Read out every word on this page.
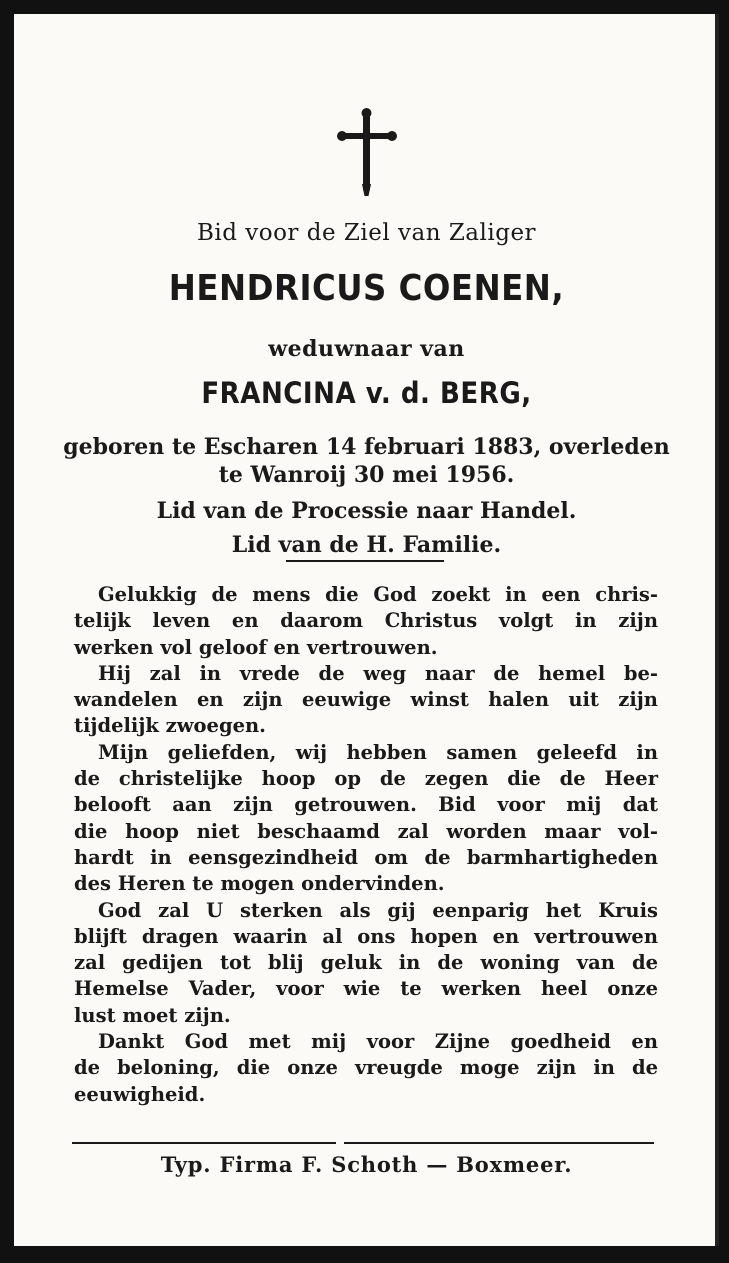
Bid voor de Ziel van Zaliger
HENDRICUS COENEN,
weduwnaar van
FRANCINA v. d. BERG,
geboren te Escharen 14 februari 1883, overleden
te Wanroij 30 mei 1956.
Lid van de Processie naar Handel.
Lid van de H. Familie.
Gelukkig de mens die God zoekt in een chris-
telijk leven en daarom Christus volgt in zijn
werken vol geloof en vertrouwen.
Hij zal in vrede de weg naar de hemel be-
wandelen en zijn eeuwige winst halen uit zijn
tijdelijk zwoegen.
Mijn geliefden, wij hebben samen geleefd in
de christelijke hoop op de zegen die de Heer
belooft aan zijn getrouwen. Bid voor mij dat
die hoop niet beschaamd zal worden maar vol-
hardt in eensgezindheid om de barmhartigheden
des Heren te mogen ondervinden.
God zal U sterken als gij eenparig het Kruis
blijft dragen waarin al ons hopen en vertrouwen
zal gedijen tot blij geluk in de woning van de
Hemelse Vader, voor wie te werken heel onze
lust moet zijn.
Dankt God met mij voor Zijne goedheid en
de beloning, die onze vreugde moge zijn in de
eeuwigheid.
Typ. Firma F. Schoth — Boxmeer.
